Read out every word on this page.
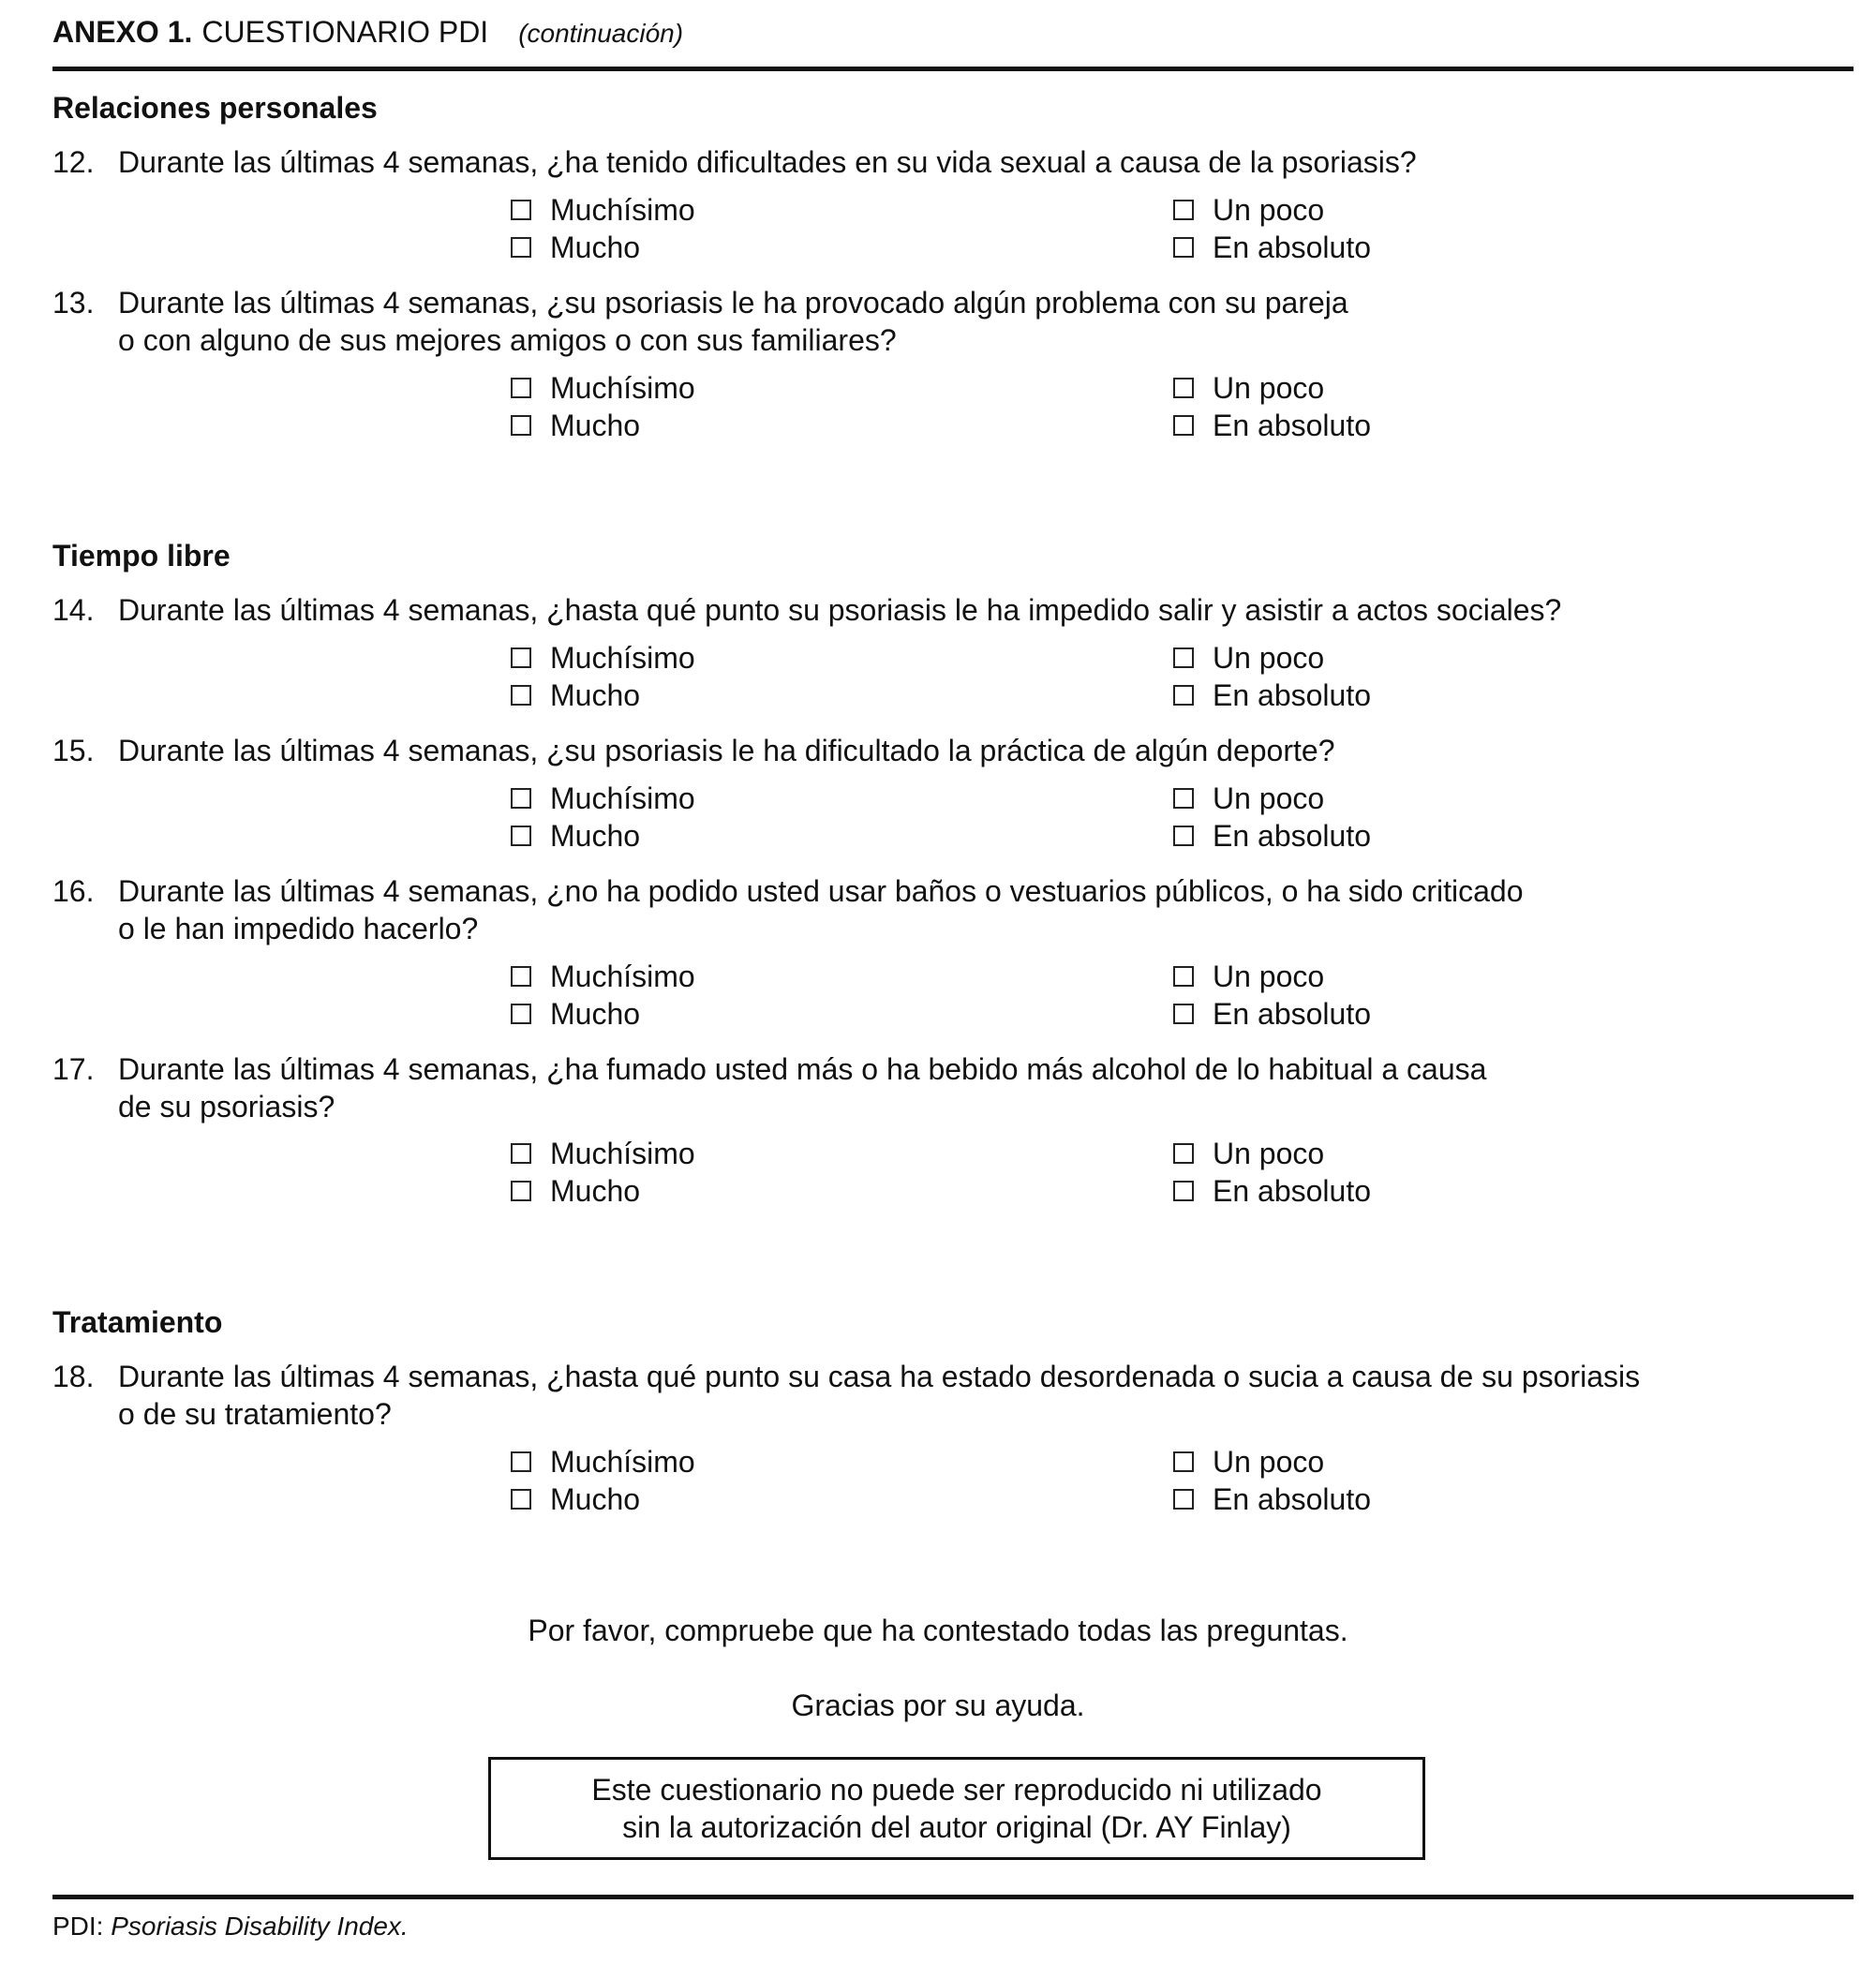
ANEXO 1. CUESTIONARIO PDI (continuación)
Relaciones personales
Tiempo libre
Tratamiento
12. Durante las últimas 4 semanas, ¿ha tenido dificultades en su vida sexual a causa de la psoriasis?
Muchísimo
Mucho
Un poco
En absoluto
13. Durante las últimas 4 semanas, ¿su psoriasis le ha provocado algún problema con su pareja
o con alguno de sus mejores amigos o con sus familiares?
Muchísimo
Mucho
Un poco
En absoluto
14. Durante las últimas 4 semanas, ¿hasta qué punto su psoriasis le ha impedido salir y asistir a actos sociales?
Muchísimo
Mucho
Un poco
En absoluto
15. Durante las últimas 4 semanas, ¿su psoriasis le ha dificultado la práctica de algún deporte?
Muchísimo
Mucho
Un poco
En absoluto
16. Durante las últimas 4 semanas, ¿no ha podido usted usar baños o vestuarios públicos, o ha sido criticado
o le han impedido hacerlo?
Muchísimo
Mucho
Un poco
En absoluto
17. Durante las últimas 4 semanas, ¿ha fumado usted más o ha bebido más alcohol de lo habitual a causa
de su psoriasis?
Muchísimo
Mucho
Un poco
En absoluto
18. Durante las últimas 4 semanas, ¿hasta qué punto su casa ha estado desordenada o sucia a causa de su psoriasis
o de su tratamiento?
Muchísimo
Mucho
Un poco
En absoluto
Por favor, compruebe que ha contestado todas las preguntas.
Gracias por su ayuda.
Este cuestionario no puede ser reproducido ni utilizado
sin la autorización del autor original (Dr. AY Finlay)
PDI: Psoriasis Disability Index.
